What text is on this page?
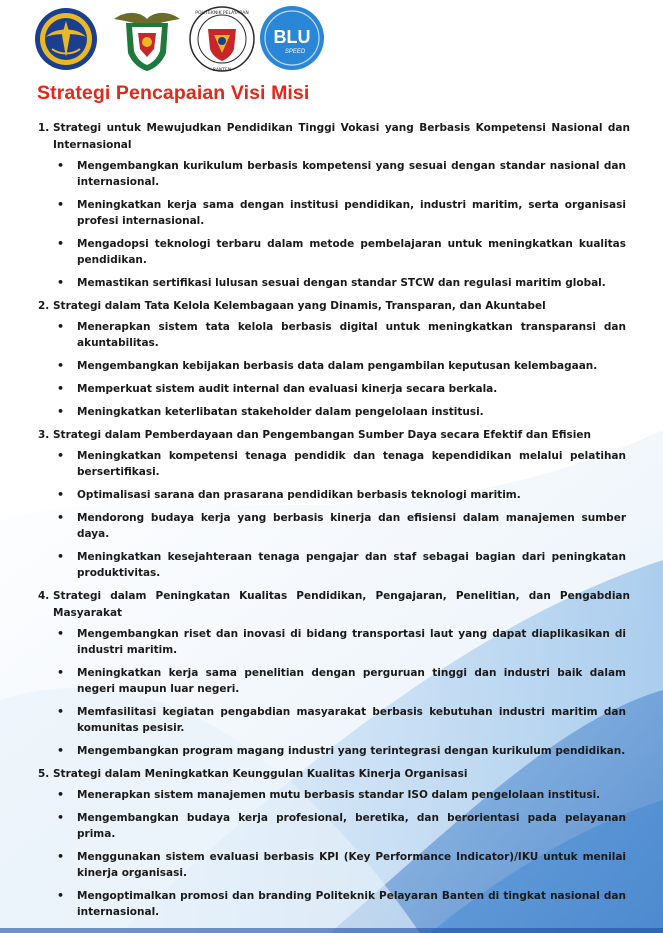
POLITEKNIK PELAYARAN
BANTEN
BLU
SPEED
Strategi Pencapaian Visi Misi
1. Strategi untuk Mewujudkan Pendidikan Tinggi Vokasi yang Berbasis Kompetensi Nasional dan Internasional
• Mengembangkan kurikulum berbasis kompetensi yang sesuai dengan standar nasional dan internasional.
• Meningkatkan kerja sama dengan institusi pendidikan, industri maritim, serta organisasi profesi internasional.
• Mengadopsi teknologi terbaru dalam metode pembelajaran untuk meningkatkan kualitas pendidikan.
• Memastikan sertifikasi lulusan sesuai dengan standar STCW dan regulasi maritim global.
2. Strategi dalam Tata Kelola Kelembagaan yang Dinamis, Transparan, dan Akuntabel
• Menerapkan sistem tata kelola berbasis digital untuk meningkatkan transparansi dan akuntabilitas.
• Mengembangkan kebijakan berbasis data dalam pengambilan keputusan kelembagaan.
• Memperkuat sistem audit internal dan evaluasi kinerja secara berkala.
• Meningkatkan keterlibatan stakeholder dalam pengelolaan institusi.
3. Strategi dalam Pemberdayaan dan Pengembangan Sumber Daya secara Efektif dan Efisien
• Meningkatkan kompetensi tenaga pendidik dan tenaga kependidikan melalui pelatihan bersertifikasi.
• Optimalisasi sarana dan prasarana pendidikan berbasis teknologi maritim.
• Mendorong budaya kerja yang berbasis kinerja dan efisiensi dalam manajemen sumber daya.
• Meningkatkan kesejahteraan tenaga pengajar dan staf sebagai bagian dari peningkatan produktivitas.
4. Strategi dalam Peningkatan Kualitas Pendidikan, Pengajaran, Penelitian, dan Pengabdian Masyarakat
• Mengembangkan riset dan inovasi di bidang transportasi laut yang dapat diaplikasikan di industri maritim.
• Meningkatkan kerja sama penelitian dengan perguruan tinggi dan industri baik dalam negeri maupun luar negeri.
• Memfasilitasi kegiatan pengabdian masyarakat berbasis kebutuhan industri maritim dan komunitas pesisir.
• Mengembangkan program magang industri yang terintegrasi dengan kurikulum pendidikan.
5. Strategi dalam Meningkatkan Keunggulan Kualitas Kinerja Organisasi
• Menerapkan sistem manajemen mutu berbasis standar ISO dalam pengelolaan institusi.
• Mengembangkan budaya kerja profesional, beretika, dan berorientasi pada pelayanan prima.
• Menggunakan sistem evaluasi berbasis KPI (Key Performance Indicator)/IKU untuk menilai kinerja organisasi.
• Mengoptimalkan promosi dan branding Politeknik Pelayaran Banten di tingkat nasional dan internasional.
